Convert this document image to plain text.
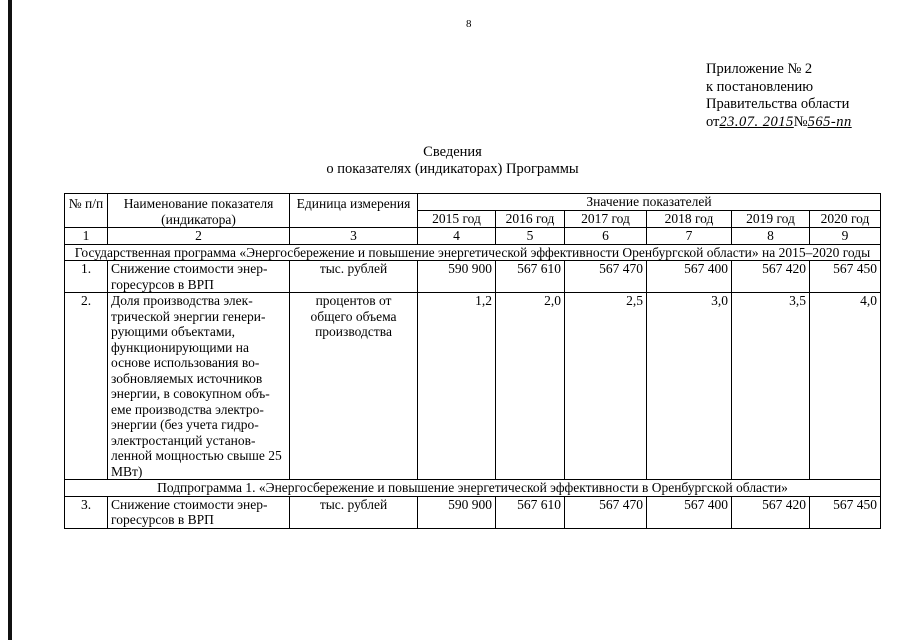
8
Приложение № 2
к постановлению
Правительства области
от23.07. 2015№565-пп
Сведения
о показателях (индикаторах) Программы
№ п/п	Наименование показателя (индикатора)	Единица измерения	Значение показателей					
			2015 год	2016 год	2017 год	2018 год	2019 год	2020 год
1	2	3	4	5	6	7	8	9
Государственная программа «Энергосбережение и повышение энергетической эффективности Оренбургской области» на 2015–2020 годы								
1.	Снижение стоимости энер-горесурсов в ВРП	тыс. рублей	590 900	567 610	567 470	567 400	567 420	567 450
2.	Доля производства элек-трической энергии генери-рующими объектами, функционирующими на основе использования во-зобновляемых источников энергии, в совокупном объ-еме производства электро-энергии (без учета гидро-электростанций установ-ленной мощностью свыше 25 МВт)	процентов от общего объема производства	1,2	2,0	2,5	3,0	3,5	4,0
Подпрограмма 1. «Энергосбережение и повышение энергетической эффективности в Оренбургской области»								
3.	Снижение стоимости энер-горесурсов в ВРП	тыс. рублей	590 900	567 610	567 470	567 400	567 420	567 450
